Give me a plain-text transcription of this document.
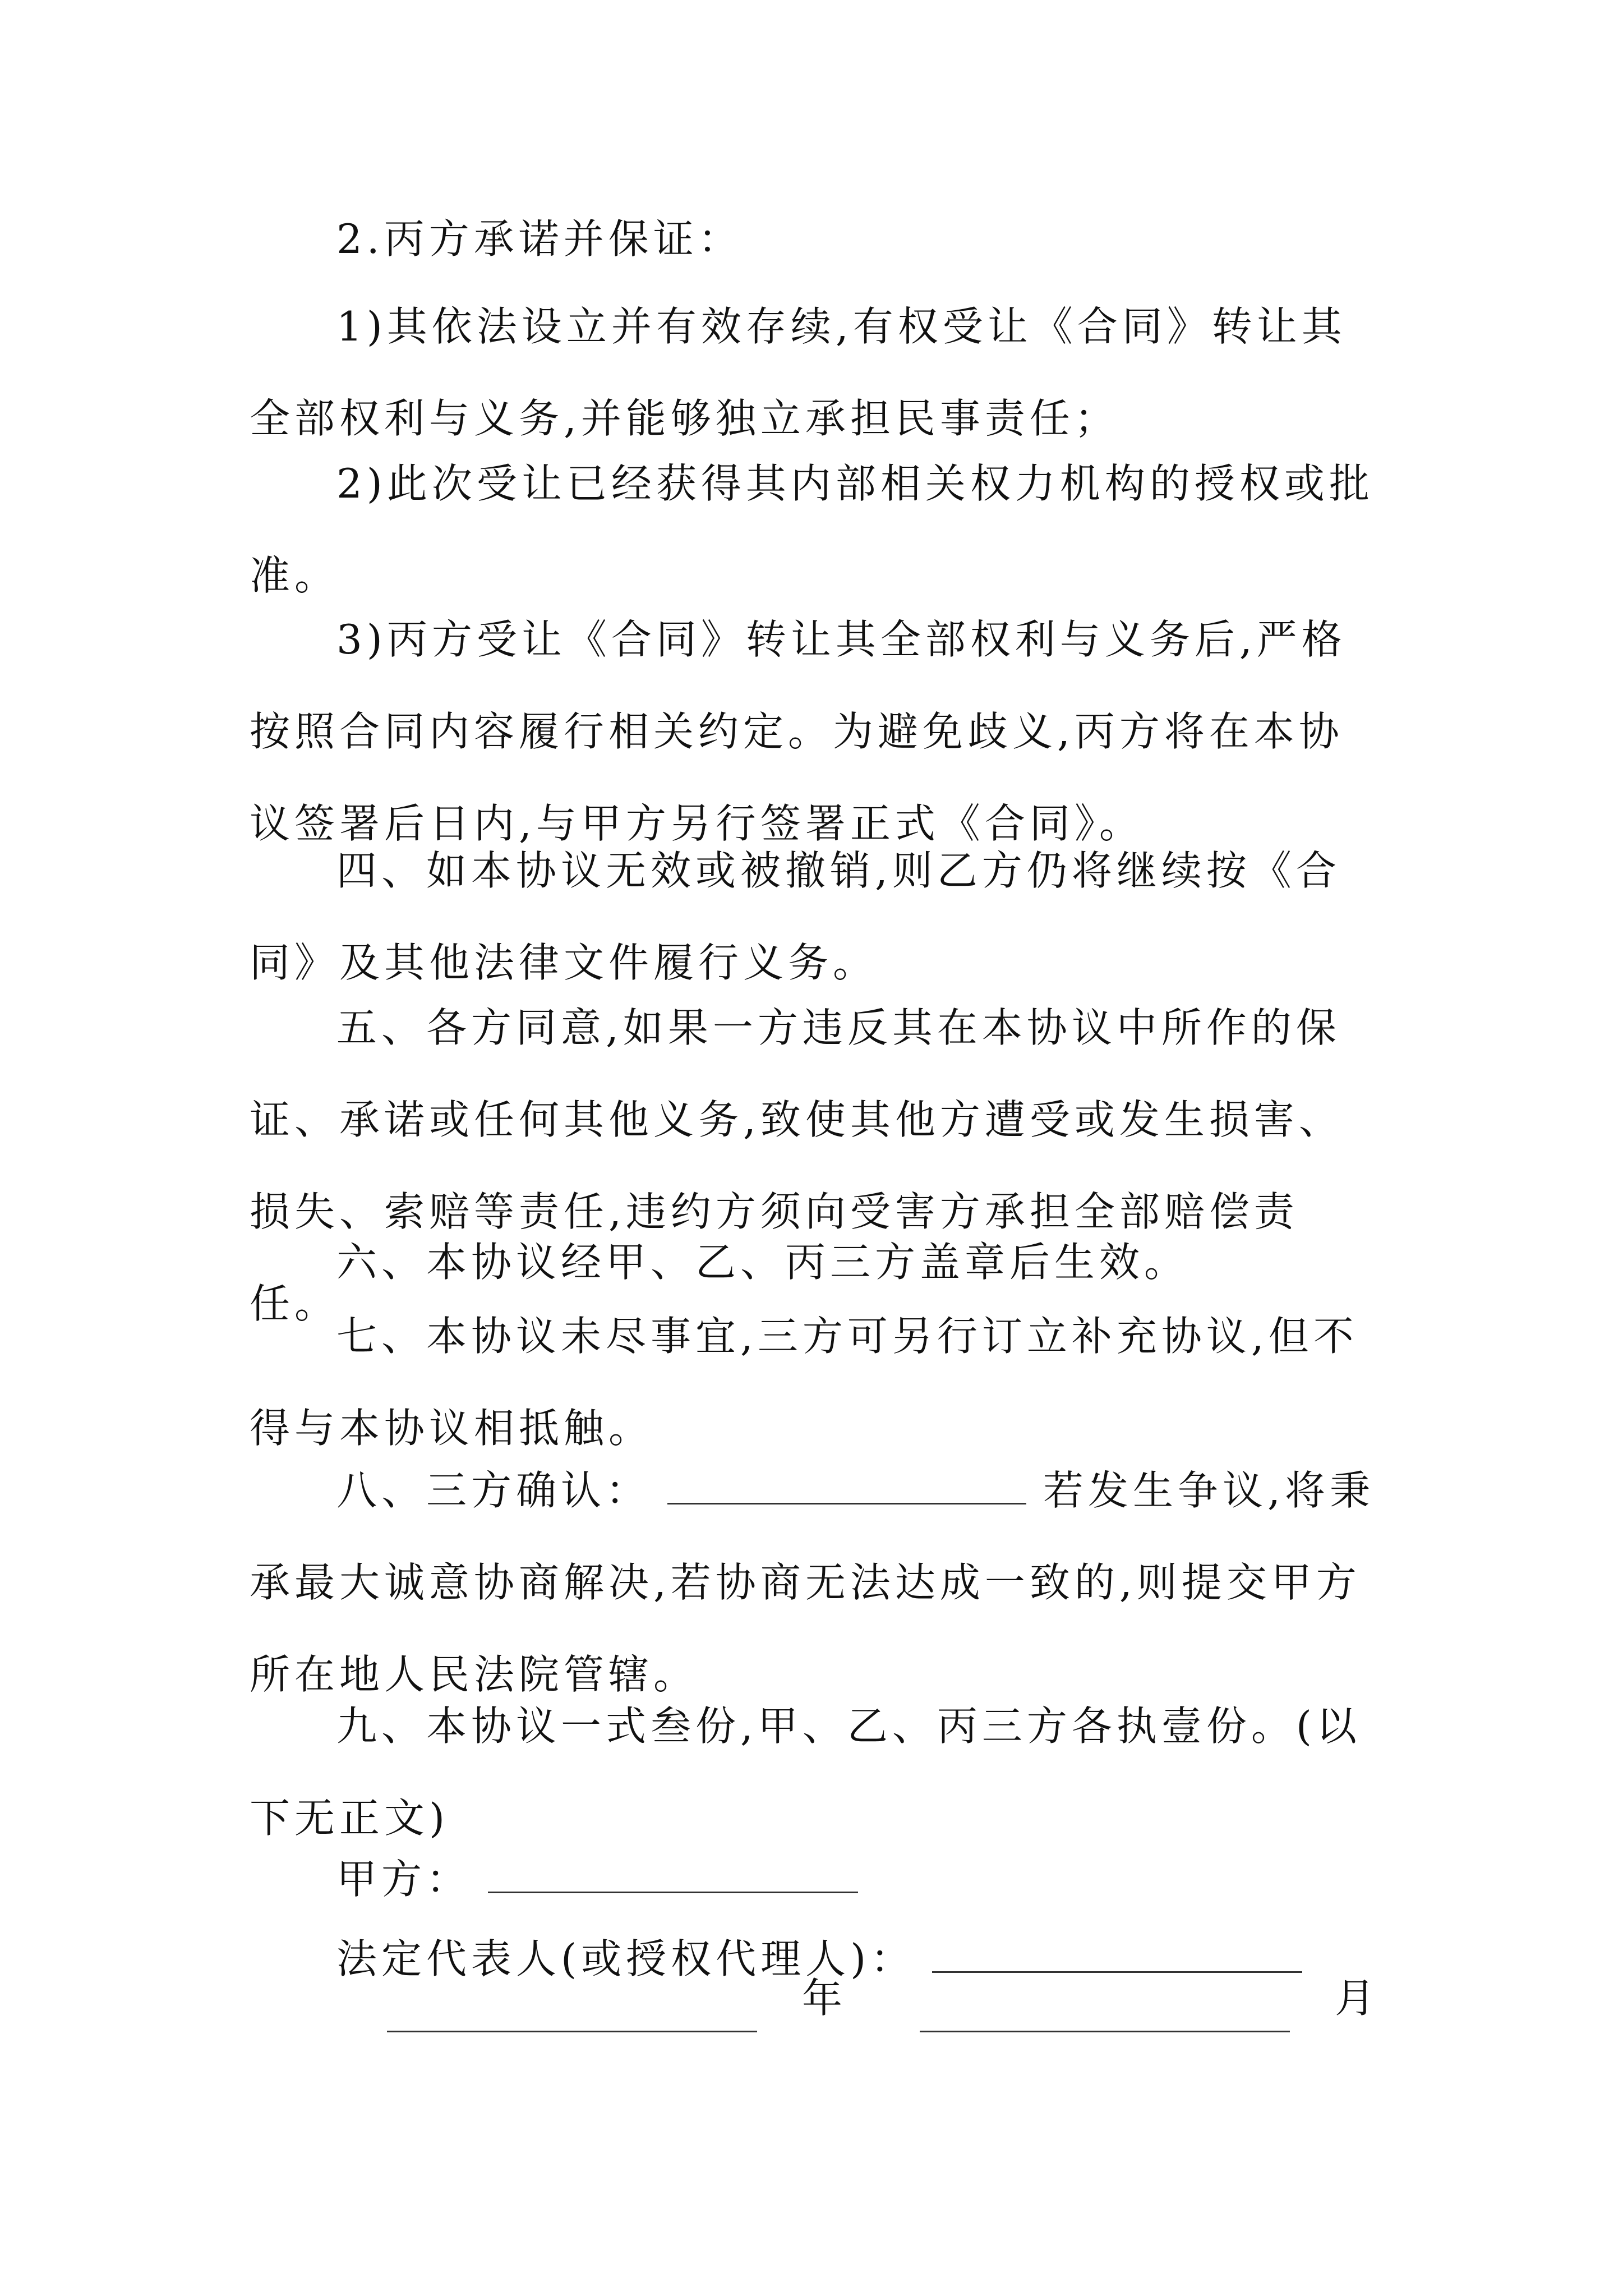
2.丙方承诺并保证：

1)其依法设立并有效存续,有权受让《合同》转让其全部权利与义务,并能够独立承担民事责任；

2)此次受让已经获得其内部相关权力机构的授权或批准。

3)丙方受让《合同》转让其全部权利与义务后,严格按照合同内容履行相关约定。为避免歧义,丙方将在本协议签署后日内,与甲方另行签署正式《合同》。

四、如本协议无效或被撤销,则乙方仍将继续按《合同》及其他法律文件履行义务。

五、各方同意,如果一方违反其在本协议中所作的保证、承诺或任何其他义务,致使其他方遭受或发生损害、损失、索赔等责任,违约方须向受害方承担全部赔偿责任。

六、本协议经甲、乙、丙三方盖章后生效。

七、本协议未尽事宜,三方可另行订立补充协议,但不得与本协议相抵触。

八、三方确认：	若发生争议,将秉承最大诚意协商解决,若协商无法达成一致的,则提交甲方所在地人民法院管辖。

九、本协议一式叁份,甲、乙、丙三方各执壹份。(以下无正文)

甲方：
法定代表人(或授权代理人)：
年	月
